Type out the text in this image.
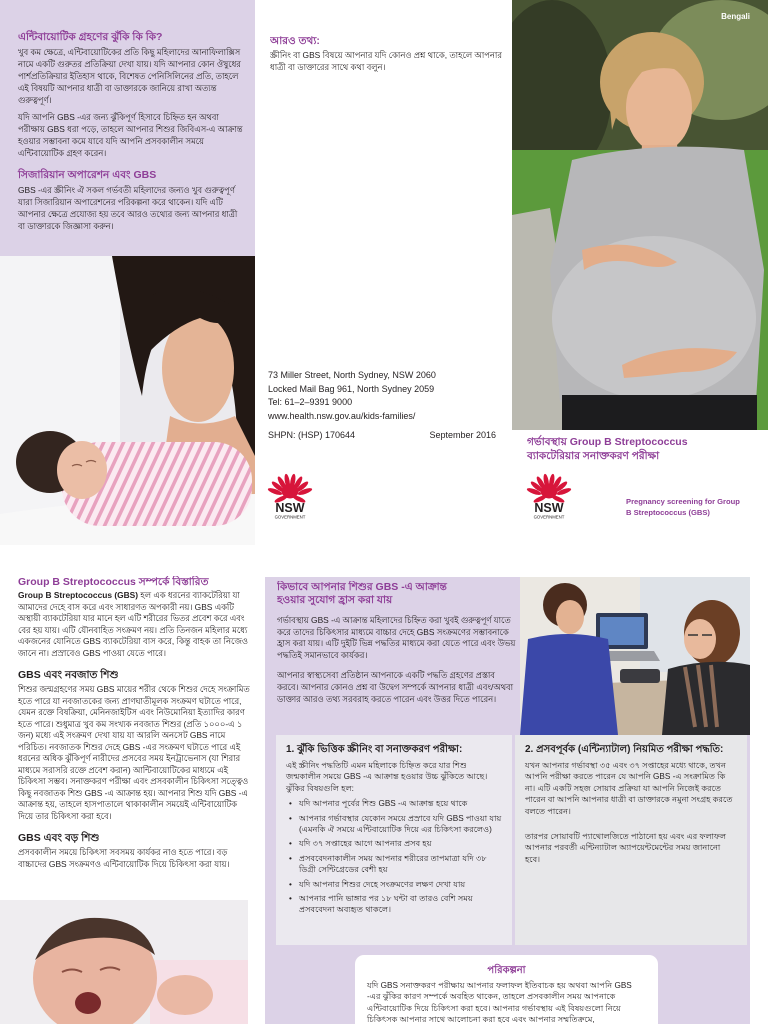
এন্টিবায়োটিক গ্রহণের ঝুঁকি কি কি?

খুব কম ক্ষেত্রে, এন্টিবায়োটিকের প্রতি কিছু মহিলাদের আনাফিলাক্সিস নামে একটি গুরুতর প্রতিক্রিয়া দেখা যায়। যদি আপনার কোন ঔষুধের পার্শপ্রতিক্রিয়ার ইতিহাস থাকে, বিশেষত পেনিসিলিনের প্রতি, তাহলে এই বিষয়টি আপনার ধাত্রী বা ডাক্তারকে জানিয়ে রাখা অত্যন্ত গুরুত্বপূর্ণ।

যদি আপনি GBS -এর জন্য ঝুঁকিপূর্ণ হিসাবে চিহ্নিত হন অথবা পরীক্ষায় GBS ধরা পড়ে, তাহলে আপনার শিশুর জিবিএস-এ আক্রান্ত হওয়ার সম্ভাবনা কমে যাবে যদি আপনি প্রসবকালীন সময়ে এন্টিবায়োটিক গ্রহণ করেন।

সিজারিয়ান অপারেশন এবং GBS

GBS -এর স্ক্রীনিং ঐ সকল গর্ভবতী মহিলাদের জন্যও খুব গুরুত্বপূর্ণ যারা সিজারিয়ান অপারেশনের পরিকল্পনা করে থাকেন। যদি এটি আপনার ক্ষেত্রে প্রযোজ্য হয় তবে আরও তথ্যের জন্য আপনার ধাত্রী বা ডাক্তারকে জিজ্ঞাসা করুন।

আরও তথ্য:

স্ক্রীনিং বা GBS বিষয়ে আপনার যদি কোনও প্রশ্ন থাকে, তাহলে আপনার ধাত্রী বা ডাক্তারের সাথে কথা বলুন।

73 Miller Street, North Sydney, NSW 2060
Locked Mail Bag 961, North Sydney 2059
Tel: 61–2–9391 9000
www.health.nsw.gov.au/kids-families/
SHPN: (HSP) 170644	September 2016
NSW
GOVERNMENT
Bengali
গর্ভাবস্থায় Group B Streptococcus
ব্যাকটেরিয়ার সনাক্তকরণ পরীক্ষা
NSW
GOVERNMENT
Pregnancy screening for Group
B Streptococcus (GBS)
Group B Streptococcus সম্পর্কে বিস্তারিত

Group B Streptococcus (GBS) হল এক ধরনের ব্যাকটেরিয়া যা আমাদের দেহে বাস করে এবং সাধারণত অপকারী নয়। GBS একটি অস্থায়ী ব্যাকটেরিয়া যার মানে হল এটি শরীরের ভিতর প্রবেশ করে এবং বের হয় যায়। এটি যৌনবাহিত সংক্রমণ নয়। প্রতি তিনজন মহিলার মধ্যে একজনের যোনিতে GBS ব্যাকটেরিয়া বাস করে, কিন্তু বাহক তা নিজেও জানে না। প্রস্রাবেও GBS পাওয়া যেতে পারে।

GBS এবং নবজাত শিশু

শিশুর জন্মগ্রহণের সময় GBS মায়ের শরীর থেকে শিশুর দেহে সংক্রামিত হতে পারে যা নবজাতকের জন্য প্রাণঘাতীমূলক সংক্রমণ ঘটাতে পারে, যেমন রক্তে বিষক্রিয়া, মেনিনজাইটিস এবং নিউমোনিয়া ইত্যাদির কারণ হতে পারে। শুধুমাত্র খুব কম সংখ্যক নবজাত শিশুর (প্রতি ১০০০-এ ১ জন) মধ্যে এই সংক্রমণ দেখা যায় যা আরলি অনসেট GBS নামে পরিচিত। নবজাতক শিশুর দেহে GBS -এর সংক্রমণ ঘটাতে পারে এই ধরনের অধিক ঝুঁকিপূর্ণ নারীদের প্রসবের সময় ইনট্রাভেনাস (যা শিরার মাধ্যমে সরাসরি রক্তে প্রবেশ করান) আন্টিবায়োটিকের মাধ্যমে এই চিকিৎসা সম্ভব। সনাক্তকরণ পরীক্ষা এবং প্রসবকালীন চিকিৎসা সত্ত্বেও কিছু নবজাতক শিশু GBS -এ আক্রান্ত হয়। আপনার শিশু যদি GBS -এ আক্রান্ত হয়, তাহলে হাসপাতালে থাকাকালীন সময়েই এন্টিবায়োটিক দিয়ে তার চিকিৎসা করা হবে।

GBS এবং বড় শিশু

প্রসবকালীন সময়ে চিকিৎসা সবসময় কার্যকর নাও হতে পারে। বড় বাচ্চাদের GBS সংক্রমণও এন্টিবায়োটিক দিয়ে চিকিৎসা করা যায়।

কিভাবে আপনার শিশুর GBS -এ আক্রান্ত
হওয়ার সুযোগ হ্রাস করা যায়

গর্ভাবস্থায় GBS -এ আক্রান্ত মহিলাদের চিহ্নিত করা খুবই গুরুত্বপূর্ণ যাতে করে তাদের চিকিৎসার মাধ্যমে বাচ্চার দেহে GBS সংক্রমণের সম্ভাবনাকে হ্রাস করা যায়। এটি দুইটি ভিন্ন পদ্ধতির মাধ্যমে করা যেতে পারে এবং উভয় পদ্ধতিই সমানভাবে কার্যকর।

আপনার স্বাস্থ্যসেবা প্রতিষ্ঠান আপনাকে একটি পদ্ধতি গ্রহণের প্রস্তাব করবে। আপনার কোনও প্রশ্ন বা উদ্বেগ সম্পর্কে আপনার ধাত্রী এবং/অথবা ডাক্তার আরও তথ্য সরবরাহ করতে পারেন এবং উত্তর দিতে পারেন।

1. ঝুঁকি ভিত্তিক স্ক্রীনিং বা সনাক্তকরণ পরীক্ষা:

এই স্ক্রীনিং পদ্ধতিটি এমন মহিলাকে চিহ্নিত করে যার শিশু জন্মকালীন সময়ে GBS -এ আক্রান্ত হওয়ার উচ্চ ঝুঁকিতে আছে। ঝুঁকির বিষয়গুলি হল:

• যদি আপনার পূর্বের শিশু GBS -এ আক্রান্ত হয়ে থাকে
• আপনার গর্ভাবস্থার যেকোন সময়ে প্রস্রাবে যদি GBS পাওয়া যায় (এমনকি ঐ সময়ে এন্টিবায়োটিক দিয়ে এর চিকিৎসা করলেও)
• যদি ৩৭ সপ্তাহের আগে আপনার প্রসব হয়
• প্রসববেদনাকালীন সময় আপনার শরীরের তাপমাত্রা যদি ৩৮ ডিগ্রী সেন্টিগ্রেডের বেশী হয়
• যদি আপনার শিশুর দেহে সংক্রমণের লক্ষণ দেখা যায়
• আপনার পানি ভাঙ্গার পর ১৮ ঘন্টা বা তারও বেশি সময় প্রসববেদনা অব্যহৃত থাকলে।
2. প্রসবপূর্বক (এন্টিন্যাটাল) নিয়মিত পরীক্ষা পদ্ধতি:

যখন আপনার গর্ভাবস্থা ৩৫ এবং ৩৭ সপ্তাহের মধ্যে থাকে, তখন আপনি পরীক্ষা করতে পারেন যে আপনি GBS -এ সংক্রামিত কি না। এটি একটি সহজ সোয়াব প্রক্রিয়া যা আপনি নিজেই করতে পারেন বা আপনি আপনার ধাত্রী বা ডাক্তারকে নমুনা সংগ্রহ করতে বলতে পারেন।

তারপর সোয়াবটি প্যাথোলজিতে পাঠানো হয় এবং এর ফলাফল আপনার পরবর্তী এন্টিন্যাটাল অ্যাপয়েন্টমেন্টের সময় জানানো হবে।

পরিকল্পনা

যদি GBS সনাক্তকরণ পরীক্ষায় আপনার ফলাফল ইতিবাচক হয় অথবা আপনি GBS -এর ঝুঁকির কারণ সম্পর্কে অবহিত থাকেন, তাহলে প্রসবকালীন সময় আপনাকে এন্টিবায়োটিক দিয়ে চিকিৎসা করা হবে। আপনার গর্ভাবস্থায় এই বিষয়গুলো নিয়ে চিকিৎসক আপনার সাথে আলোচনা করা হবে এবং আপনার সম্মতিক্রমে,
